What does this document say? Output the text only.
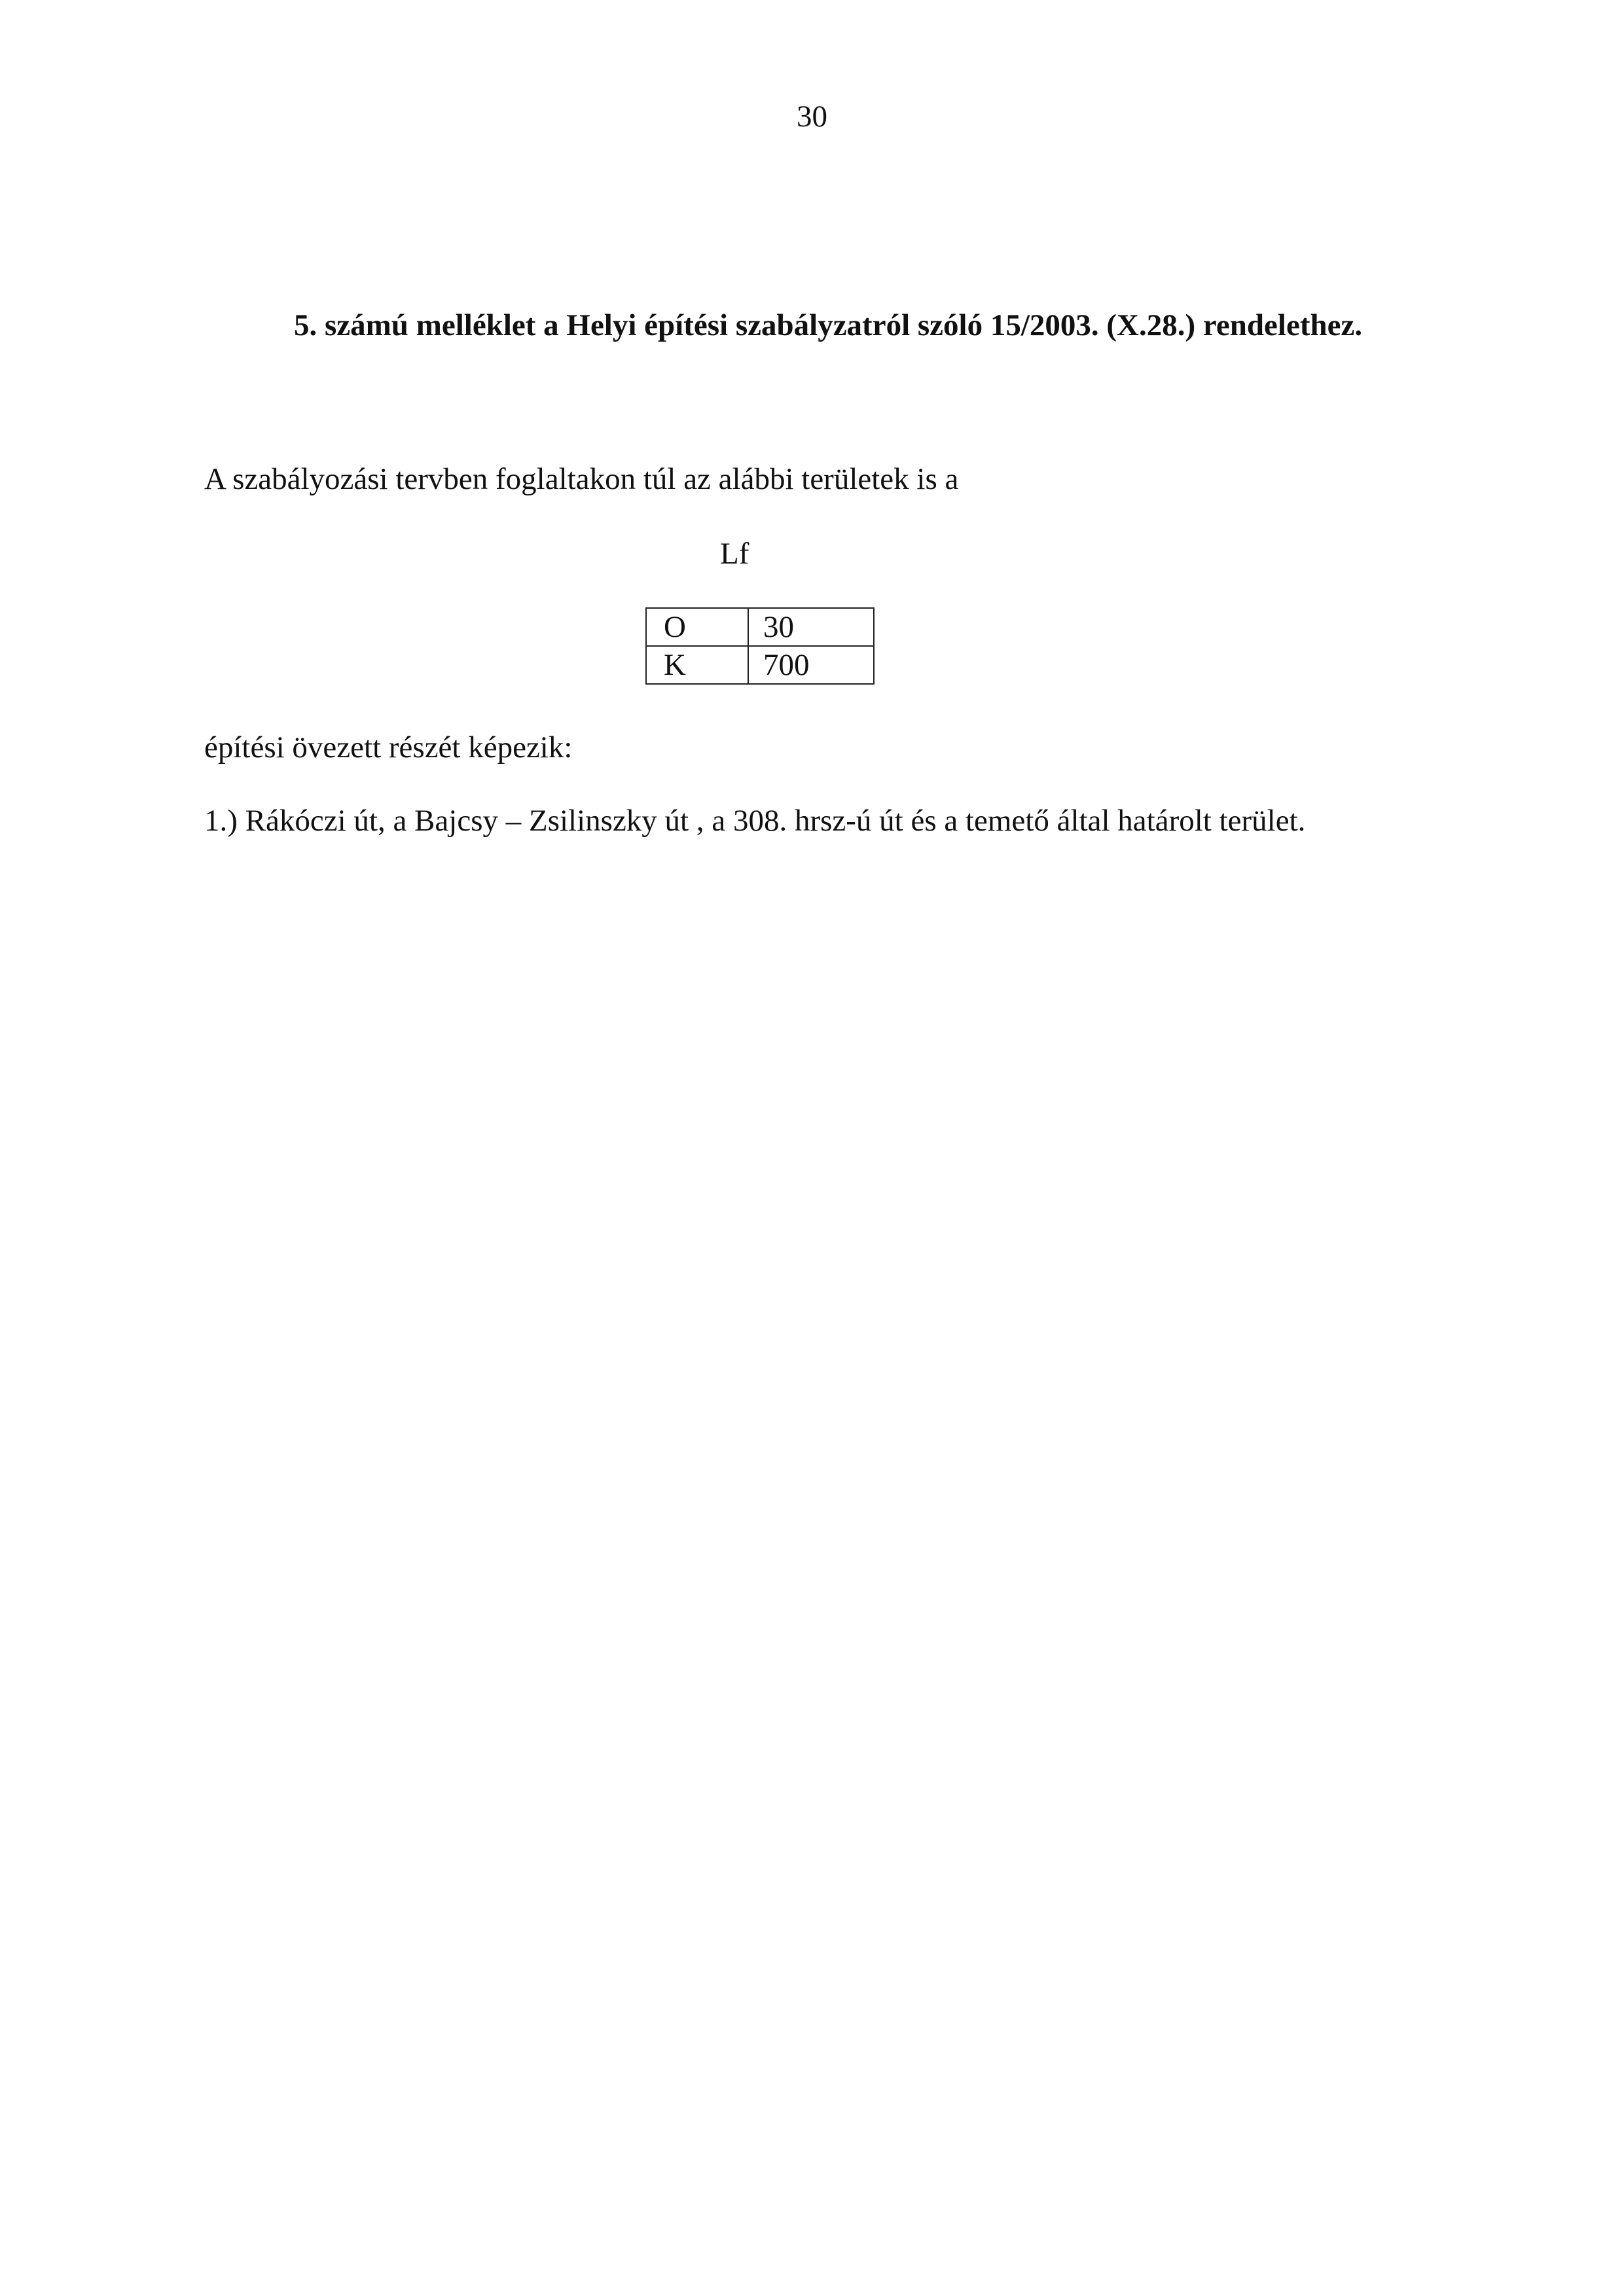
30
5. számú melléklet a Helyi építési szabályzatról szóló 15/2003. (X.28.) rendelethez.
A szabályozási tervben foglaltakon túl az alábbi területek is a
Lf
O	30
K	700
építési övezett részét képezik:
1.) Rákóczi út, a Bajcsy – Zsilinszky út , a 308. hrsz-ú út és a temető által határolt terület.
